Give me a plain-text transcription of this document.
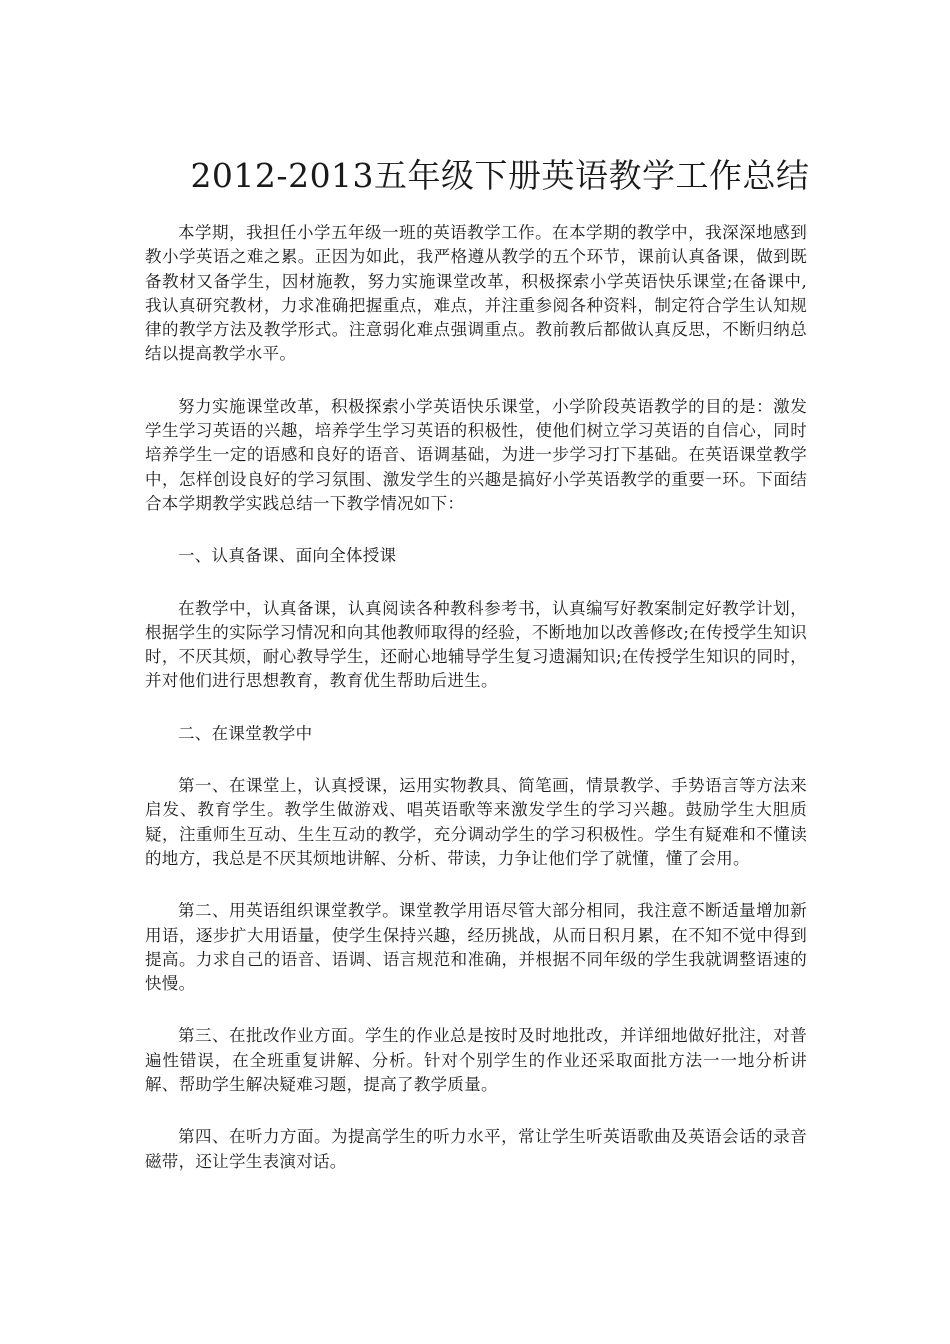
2012-2013五年级下册英语教学工作总结

本学期，我担任小学五年级一班的英语教学工作。在本学期的教学中，我深深地感到教小学英语之难之累。正因为如此，我严格遵从教学的五个环节，课前认真备课，做到既备教材又备学生，因材施教，努力实施课堂改革，积极探索小学英语快乐课堂;在备课中,我认真研究教材，力求准确把握重点，难点，并注重参阅各种资料，制定符合学生认知规律的教学方法及教学形式。注意弱化难点强调重点。教前教后都做认真反思，不断归纳总结以提高教学水平。

努力实施课堂改革，积极探索小学英语快乐课堂，小学阶段英语教学的目的是：激发学生学习英语的兴趣，培养学生学习英语的积极性，使他们树立学习英语的自信心，同时培养学生一定的语感和良好的语音、语调基础，为进一步学习打下基础。在英语课堂教学中，怎样创设良好的学习氛围、激发学生的兴趣是搞好小学英语教学的重要一环。下面结合本学期教学实践总结一下教学情况如下：

一、认真备课、面向全体授课

在教学中，认真备课，认真阅读各种教科参考书，认真编写好教案制定好教学计划，根据学生的实际学习情况和向其他教师取得的经验，不断地加以改善修改;在传授学生知识时，不厌其烦，耐心教导学生，还耐心地辅导学生复习遗漏知识;在传授学生知识的同时，并对他们进行思想教育，教育优生帮助后进生。

二、在课堂教学中

第一、在课堂上，认真授课，运用实物教具、简笔画，情景教学、手势语言等方法来启发、教育学生。教学生做游戏、唱英语歌等来激发学生的学习兴趣。鼓励学生大胆质疑，注重师生互动、生生互动的教学，充分调动学生的学习积极性。学生有疑难和不懂读的地方，我总是不厌其烦地讲解、分析、带读，力争让他们学了就懂，懂了会用。

第二、用英语组织课堂教学。课堂教学用语尽管大部分相同，我注意不断适量增加新用语，逐步扩大用语量，使学生保持兴趣，经历挑战，从而日积月累，在不知不觉中得到提高。力求自己的语音、语调、语言规范和准确，并根据不同年级的学生我就调整语速的快慢。

第三、在批改作业方面。学生的作业总是按时及时地批改，并详细地做好批注，对普遍性错误，在全班重复讲解、分析。针对个别学生的作业还采取面批方法一一地分析讲解、帮助学生解决疑难习题，提高了教学质量。

第四、在听力方面。为提高学生的听力水平，常让学生听英语歌曲及英语会话的录音磁带，还让学生表演对话。
